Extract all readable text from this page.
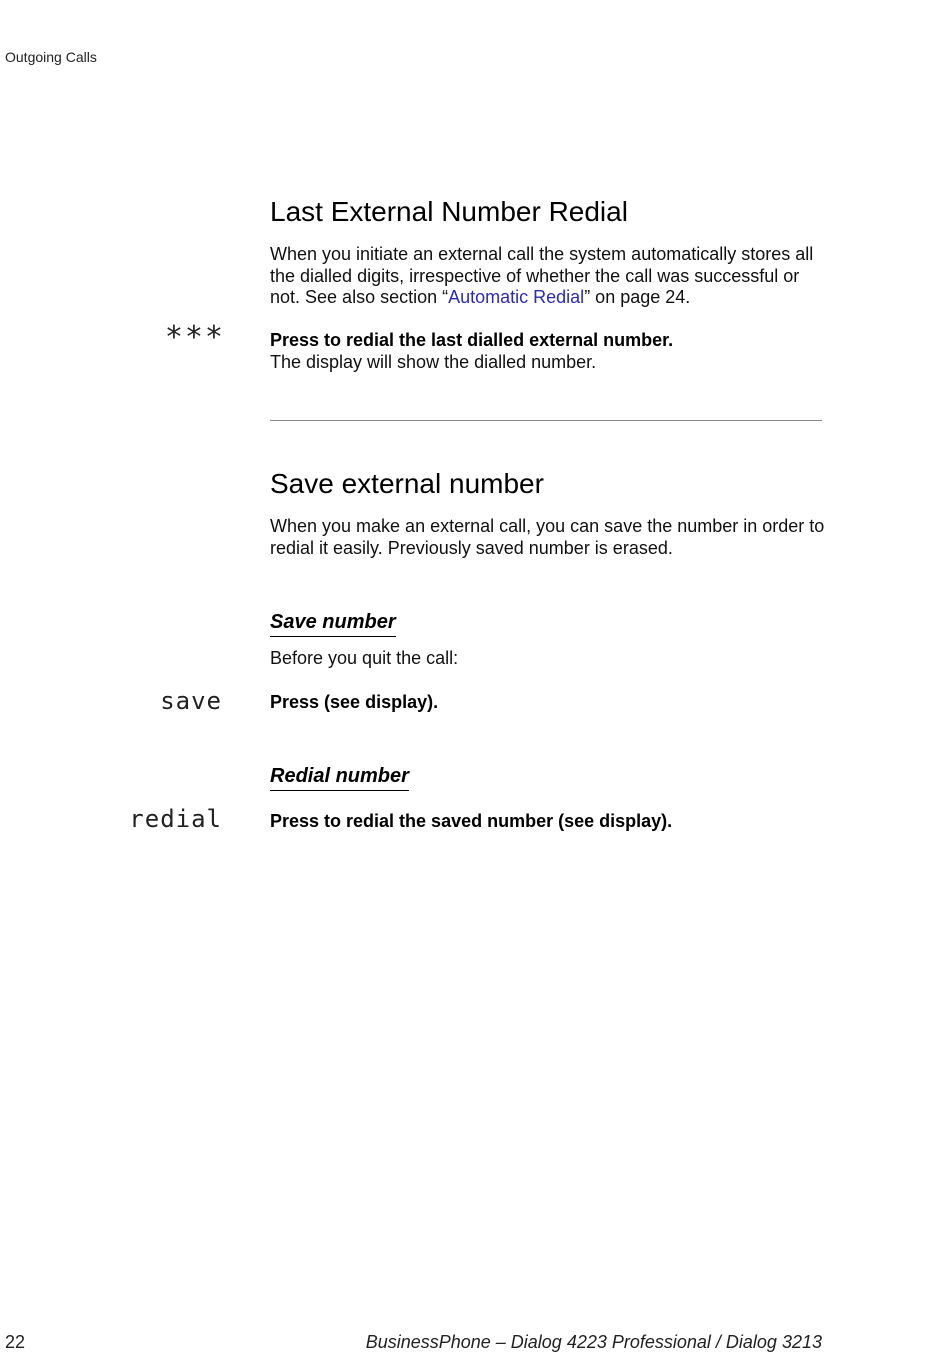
Outgoing Calls
Last External Number Redial
When you initiate an external call the system automatically stores all the dialled digits, irrespective of whether the call was successful or not. See also section “Automatic Redial” on page 24.
***	Press to redial the last dialled external number.
The display will show the dialled number.
Save external number
When you make an external call, you can save the number in order to redial it easily. Previously saved number is erased.
Save number
Before you quit the call:
save	Press (see display).
Redial number
redial	Press to redial the saved number (see display).
22	BusinessPhone – Dialog 4223 Professional / Dialog 3213
